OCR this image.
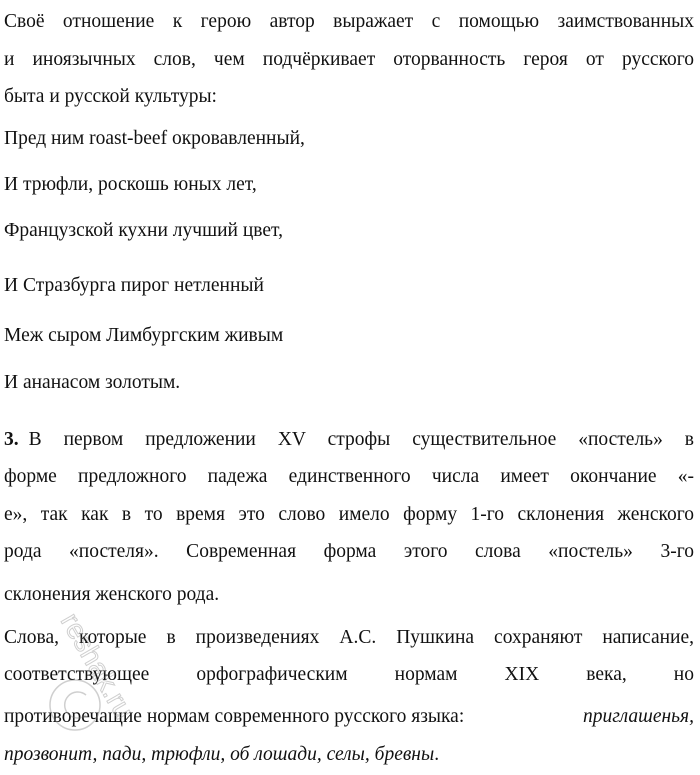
Своё отношение к герою автор выражает с помощью заимствованных
и иноязычных слов, чем подчёркивает оторванность героя от русского
быта и русской культуры:
Пред ним roast-beef окровавленный,
И трюфли, роскошь юных лет,
Французской кухни лучший цвет,
И Стразбурга пирог нетленный
Меж сыром Лимбургским живым
И ананасом золотым.
3. В первом предложении XV строфы существительное «постель» в
форме предложного падежа единственного числа имеет окончание «-
е», так как в то время это слово имело форму 1-го склонения женского
рода «постеля». Современная форма этого слова «постель» 3-го
склонения женского рода.
Слова, которые в произведениях А.С. Пушкина сохраняют написание,
соответствующее орфографическим нормам XIX века, но
противоречащие нормам современного русского языка:	приглашенья,
прозвонит, пади, трюфли, об лошади, селы, бревны.
reshak.ru
